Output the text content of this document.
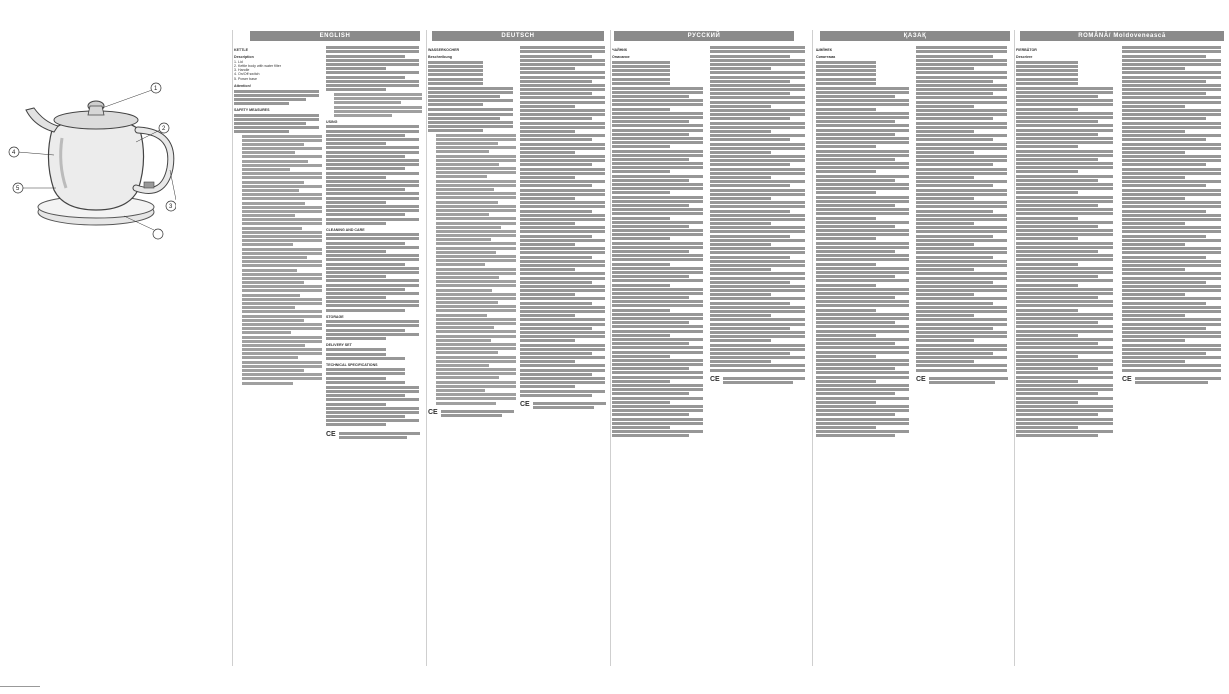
1
2
3
4
5
ENGLISH	DEUTSCH	РУССКИЙ	ҚАЗАҚ	ROMÂNĂ/ Moldovenească
KETTLE
Description
1. Lid
2. Kettle body with water filter
3. Handle
4. On/Off switch
5. Power base
Attention!
SAFETY MEASURES
USING
CLEANING AND CARE
STORAGE
DELIVERY SET
TECHNICAL SPECIFICATIONS
CE
WASSERKOCHER
Beschreibung
CE
CE
ЧАЙНИК
Описание
CE
ШӘЙНЕК
Сипаттама
CE
FIERBĂTOR
Descriere
CE
